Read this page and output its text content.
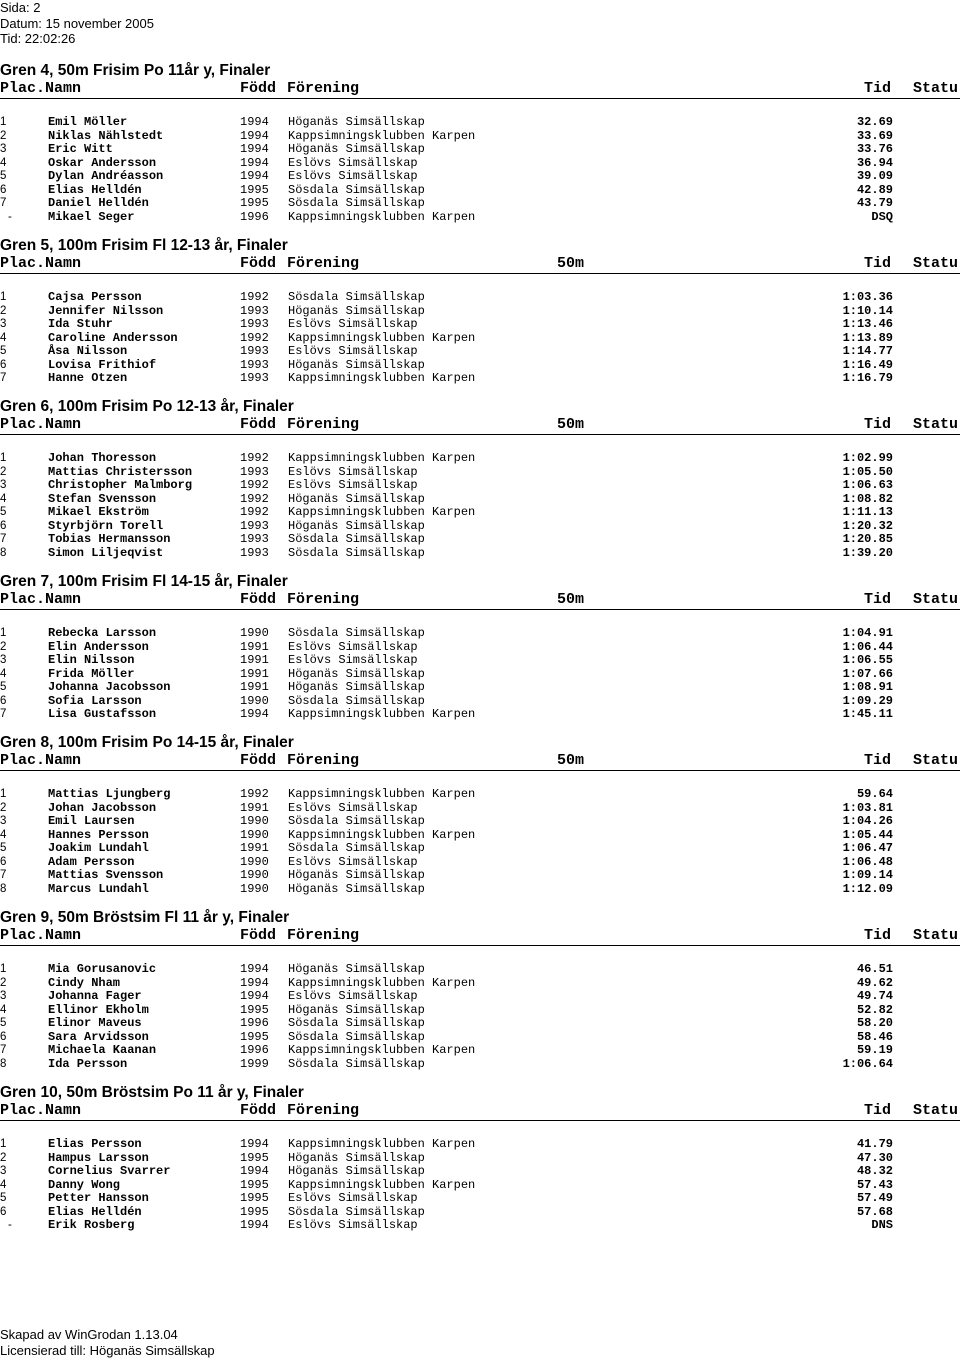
Sida: 2
Datum: 15 november 2005
Tid: 22:02:26
Gren 4, 50m Frisim Po 11år y, Finaler
Plac.Namn	Född Förening	Tid Statu
1	Emil Möller	1994 Höganäs Simsällskap	32.69
2	Niklas Nählstedt	1994 Kappsimningsklubben Karpen	33.69
3	Eric Witt	1994 Höganäs Simsällskap	33.76
4	Oskar Andersson	1994 Eslövs Simsällskap	36.94
5	Dylan Andréasson	1994 Eslövs Simsällskap	39.09
6	Elias Helldén	1995 Sösdala Simsällskap	42.89
7	Daniel Helldén	1995 Sösdala Simsällskap	43.79
-	Mikael Seger	1996 Kappsimningsklubben Karpen	DSQ
Gren 5, 100m Frisim Fl 12-13 år, Finaler
Plac.Namn	Född Förening	50m	Tid Statu
1	Cajsa Persson	1992 Sösdala Simsällskap	1:03.36
2	Jennifer Nilsson	1993 Höganäs Simsällskap	1:10.14
3	Ida Stuhr	1993 Eslövs Simsällskap	1:13.46
4	Caroline Andersson	1992 Kappsimningsklubben Karpen	1:13.89
5	Åsa Nilsson	1993 Eslövs Simsällskap	1:14.77
6	Lovisa Frithiof	1993 Höganäs Simsällskap	1:16.49
7	Hanne Otzen	1993 Kappsimningsklubben Karpen	1:16.79
Gren 6, 100m Frisim Po 12-13 år, Finaler
Plac.Namn	Född Förening	50m	Tid Statu
1	Johan Thoresson	1992 Kappsimningsklubben Karpen	1:02.99
2	Mattias Christersson	1993 Eslövs Simsällskap	1:05.50
3	Christopher Malmborg	1992 Eslövs Simsällskap	1:06.63
4	Stefan Svensson	1992 Höganäs Simsällskap	1:08.82
5	Mikael Ekström	1992 Kappsimningsklubben Karpen	1:11.13
6	Styrbjörn Torell	1993 Höganäs Simsällskap	1:20.32
7	Tobias Hermansson	1993 Sösdala Simsällskap	1:20.85
8	Simon Liljeqvist	1993 Sösdala Simsällskap	1:39.20
Gren 7, 100m Frisim Fl 14-15 år, Finaler
Plac.Namn	Född Förening	50m	Tid Statu
1	Rebecka Larsson	1990 Sösdala Simsällskap	1:04.91
2	Elin Andersson	1991 Eslövs Simsällskap	1:06.44
3	Elin Nilsson	1991 Eslövs Simsällskap	1:06.55
4	Frida Möller	1991 Höganäs Simsällskap	1:07.66
5	Johanna Jacobsson	1991 Höganäs Simsällskap	1:08.91
6	Sofia Larsson	1990 Sösdala Simsällskap	1:09.29
7	Lisa Gustafsson	1994 Kappsimningsklubben Karpen	1:45.11
Gren 8, 100m Frisim Po 14-15 år, Finaler
Plac.Namn	Född Förening	50m	Tid Statu
1	Mattias Ljungberg	1992 Kappsimningsklubben Karpen	59.64
2	Johan Jacobsson	1991 Eslövs Simsällskap	1:03.81
3	Emil Laursen	1990 Sösdala Simsällskap	1:04.26
4	Hannes Persson	1990 Kappsimningsklubben Karpen	1:05.44
5	Joakim Lundahl	1991 Sösdala Simsällskap	1:06.47
6	Adam Persson	1990 Eslövs Simsällskap	1:06.48
7	Mattias Svensson	1990 Höganäs Simsällskap	1:09.14
8	Marcus Lundahl	1990 Höganäs Simsällskap	1:12.09
Gren 9, 50m Bröstsim Fl 11 år y, Finaler
Plac.Namn	Född Förening	Tid Statu
1	Mia Gorusanovic	1994 Höganäs Simsällskap	46.51
2	Cindy Nham	1994 Kappsimningsklubben Karpen	49.62
3	Johanna Fager	1994 Eslövs Simsällskap	49.74
4	Ellinor Ekholm	1995 Höganäs Simsällskap	52.82
5	Elinor Maveus	1996 Sösdala Simsällskap	58.20
6	Sara Arvidsson	1995 Sösdala Simsällskap	58.46
7	Michaela Kaanan	1996 Kappsimningsklubben Karpen	59.19
8	Ida Persson	1999 Sösdala Simsällskap	1:06.64
Gren 10, 50m Bröstsim Po 11 år y, Finaler
Plac.Namn	Född Förening	Tid Statu
1	Elias Persson	1994 Kappsimningsklubben Karpen	41.79
2	Hampus Larsson	1995 Höganäs Simsällskap	47.30
3	Cornelius Svarrer	1994 Höganäs Simsällskap	48.32
4	Danny Wong	1995 Kappsimningsklubben Karpen	57.43
5	Petter Hansson	1995 Eslövs Simsällskap	57.49
6	Elias Helldén	1995 Sösdala Simsällskap	57.68
-	Erik Rosberg	1994 Eslövs Simsällskap	DNS
Skapad av WinGrodan 1.13.04
Licensierad till: Höganäs Simsällskap
